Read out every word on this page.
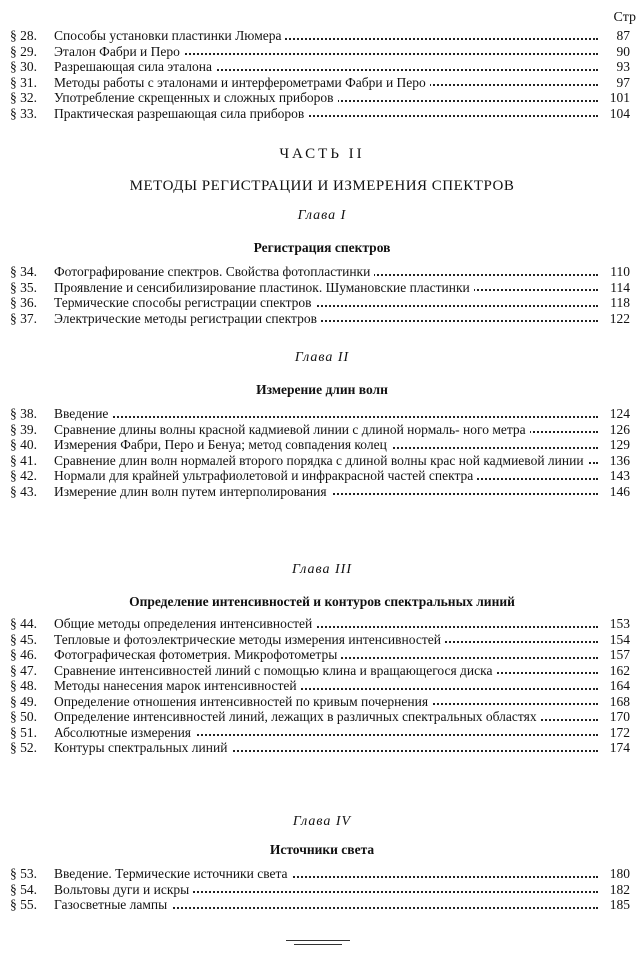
Стр
§ 28. Способы установки пластинки Люмера	87
§ 29. Эталон Фабри и Перо	90
§ 30. Разрешающая сила эталона	93
§ 31. Методы работы с эталонами и интерферометрами Фабри и Перо	97
§ 32. Употребление скрещенных и сложных приборов	101
§ 33. Практическая разрешающая сила приборов	104
ЧАСТЬ II
МЕТОДЫ РЕГИСТРАЦИИ И ИЗМЕРЕНИЯ СПЕКТРОВ
Глава I
Регистрация спектров
§ 34. Фотографирование спектров. Свойства фотопластинки	110
§ 35. Проявление и сенсибилизирование пластинок. Шумановские пластинки	114
§ 36. Термические способы регистрации спектров	118
§ 37. Электрические методы регистрации спектров	122
Глава II
Измерение длин волн
§ 38. Введение	124
§ 39. Сравнение длины волны красной кадмиевой линии с длиной нормаль- ного метра	126
§ 40. Измерения Фабри, Перо и Бенуа; метод совпадения колец	129
§ 41. Сравнение длин волн нормалей второго порядка с длиной волны крас ной кадмиевой линии	136
§ 42. Нормали для крайней ультрафиолетовой и инфракрасной частей спектра	143
§ 43. Измерение длин волн путем интерполирования	146
Глава III
Определение интенсивностей и контуров спектральных линий
§ 44. Общие методы определения интенсивностей	153
§ 45. Тепловые и фотоэлектрические методы измерения интенсивностей	154
§ 46. Фотографическая фотометрия. Микрофотометры	157
§ 47. Сравнение интенсивностей линий с помощью клина и вращающегося диска	162
§ 48. Методы нанесения марок интенсивностей	164
§ 49. Определение отношения интенсивностей по кривым почернения	168
§ 50. Определение интенсивностей линий, лежащих в различных спектральных областях	170
§ 51. Абсолютные измерения	172
§ 52. Контуры спектральных линий	174
Глава IV
Источники света
§ 53. Введение. Термические источники света	180
§ 54. Вольтовы дуги и искры	182
§ 55. Газосветные лампы	185
